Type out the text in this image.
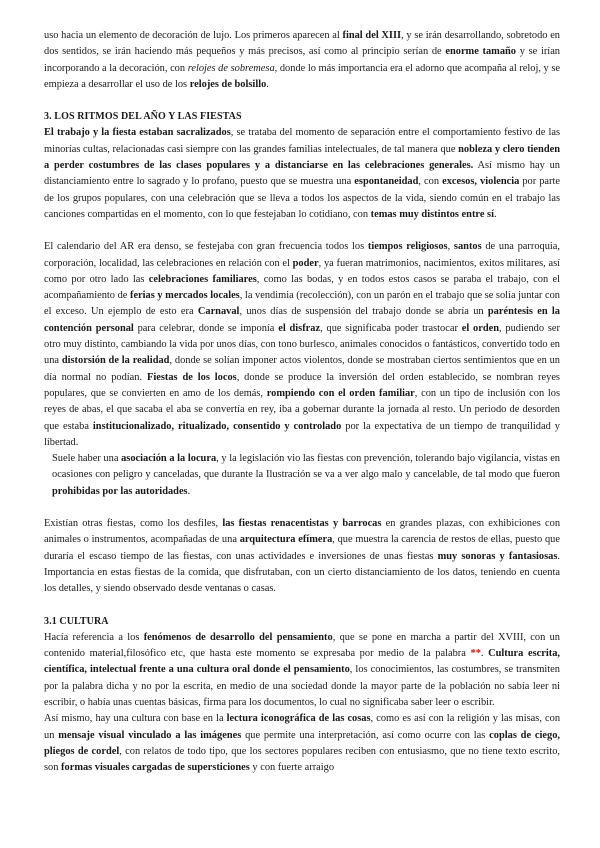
uso hacia un elemento de decoración de lujo. Los primeros aparecen al final del XIII, y se irán desarrollando, sobretodo en dos sentidos, se irán haciendo más pequeños y más precisos, así como al principio serían de enorme tamaño y se irían incorporando a la decoración, con relojes de sobremesa, donde lo más importancia era el adorno que acompaña al reloj, y se empieza a desarrollar el uso de los relojes de bolsillo.

3. LOS RITMOS DEL AÑO Y LAS FIESTAS

El trabajo y la fiesta estaban sacralizados, se trataba del momento de separación entre el comportamiento festivo de las minorías cultas, relacionadas casi siempre con las grandes familias intelectuales, de tal manera que nobleza y clero tienden a perder costumbres de las clases populares y a distanciarse en las celebraciones generales. Así mismo hay un distanciamiento entre lo sagrado y lo profano, puesto que se muestra una espontaneidad, con excesos, violencia por parte de los grupos populares, con una celebración que se lleva a todos los aspectos de la vida, siendo común en el trabajo las canciones compartidas en el momento, con lo que festejaban lo cotidiano, con temas muy distintos entre sí.

El calendario del AR era denso, se festejaba con gran frecuencia todos los tiempos religiosos, santos de una parroquia, corporación, localidad, las celebraciones en relación con el poder, ya fueran matrimonios, nacimientos, exitos militares, así como por otro lado las celebraciones familiares, como las bodas, y en todos estos casos se paraba el trabajo, con el acompañamiento de ferias y mercados locales, la vendimia (recolección), con un parón en el trabajo que se solía juntar con el exceso. Un ejemplo de esto era Carnaval, unos días de suspensión del trabajo donde se abría un paréntesis en la contención personal para celebrar, donde se imponía el disfraz, que significaba poder trastocar el orden, pudiendo ser otro muy distinto, cambiando la vida por unos días, con tono burlesco, animales conocidos o fantásticos, convertido todo en una distorsión de la realidad, donde se solían imponer actos violentos, donde se mostraban ciertos sentimientos que en un día normal no podían. Fiestas de los locos, donde se produce la inversión del orden establecido, se nombran reyes populares, que se convierten en amo de los demás, rompiendo con el orden familiar, con un tipo de inclusión con los reyes de abas, el que sacaba el aba se convertía en rey, iba a gobernar durante la jornada al resto. Un periodo de desorden que estaba institucionalizado, ritualizado, consentido y controlado por la expectativa de un tiempo de tranquilidad y libertad.

Suele haber una asociación a la locura, y la legislación vio las fiestas con prevención, tolerando bajo vigilancia, vistas en ocasiones con peligro y canceladas, que durante la Ilustración se va a ver algo malo y cancelable, de tal modo que fueron prohibidas por las autoridades.

Existían otras fiestas, como los desfiles, las fiestas renacentistas y barrocas en grandes plazas, con exhibiciones con animales o instrumentos, acompañadas de una arquitectura efímera, que muestra la carencia de restos de ellas, puesto que duraría el escaso tiempo de las fiestas, con unas actividades e inversiones de unas fiestas muy sonoras y fantasiosas. Importancia en estas fiestas de la comida, que disfrutaban, con un cierto distanciamiento de los datos, teniendo en cuenta los detalles, y siendo observado desde ventanas o casas.

3.1 CULTURA

Hacía referencia a los fenómenos de desarrollo del pensamiento, que se pone en marcha a partir del XVIII, con un contenido material,filosófico etc, que hasta este momento se expresaba por medio de la palabra **. Cultura escrita, científica, intelectual frente a una cultura oral donde el pensamiento, los conocimientos, las costumbres, se transmiten por la palabra dicha y no por la escrita, en medio de una sociedad donde la mayor parte de la población no sabía leer ni escribir, o había unas cuentas básicas, firma para los documentos, lo cual no significaba saber leer o escribir.

Así mismo, hay una cultura con base en la lectura iconográfica de las cosas, como es así con la religión y las misas, con un mensaje visual vinculado a las imágenes que permite una interpretación, así como ocurre con las coplas de ciego, pliegos de cordel, con relatos de todo tipo, que los sectores populares reciben con entusiasmo, que no tiene texto escrito, son formas visuales cargadas de supersticiones y con fuerte arraigo
